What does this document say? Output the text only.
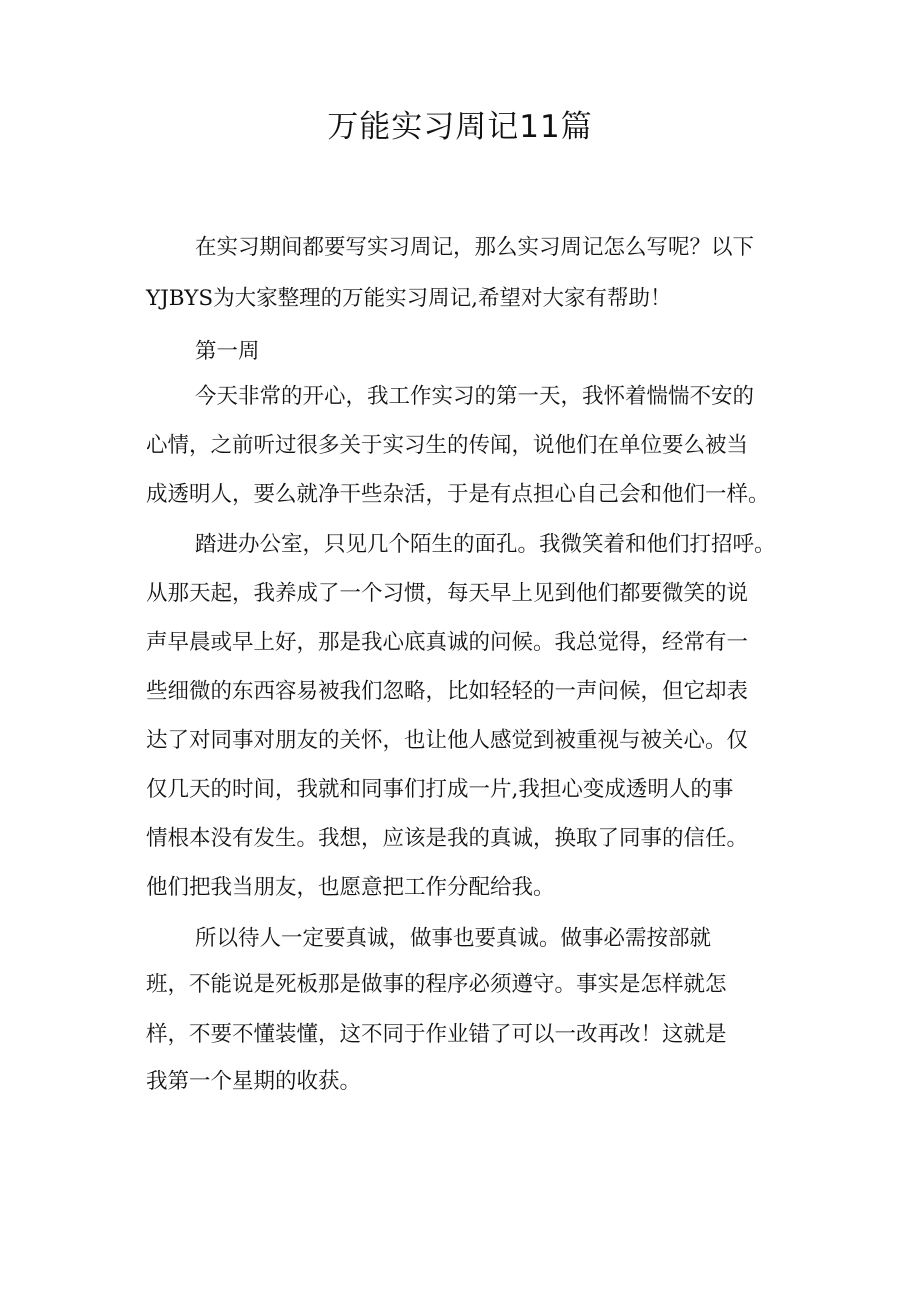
万能实习周记11篇
在实习期间都要写实习周记，那么实习周记怎么写呢？以下
YJBYS为大家整理的万能实习周记,希望对大家有帮助！
第一周
今天非常的开心，我工作实习的第一天，我怀着惴惴不安的
心情，之前听过很多关于实习生的传闻，说他们在单位要么被当
成透明人，要么就净干些杂活，于是有点担心自己会和他们一样。
踏进办公室，只见几个陌生的面孔。我微笑着和他们打招呼。
从那天起，我养成了一个习惯，每天早上见到他们都要微笑的说
声早晨或早上好，那是我心底真诚的问候。我总觉得，经常有一
些细微的东西容易被我们忽略，比如轻轻的一声问候，但它却表
达了对同事对朋友的关怀，也让他人感觉到被重视与被关心。仅
仅几天的时间，我就和同事们打成一片,我担心变成透明人的事
情根本没有发生。我想，应该是我的真诚，换取了同事的信任。
他们把我当朋友，也愿意把工作分配给我。
所以待人一定要真诚，做事也要真诚。做事必需按部就
班，不能说是死板那是做事的程序必须遵守。事实是怎样就怎
样，不要不懂装懂，这不同于作业错了可以一改再改！这就是
我第一个星期的收获。
